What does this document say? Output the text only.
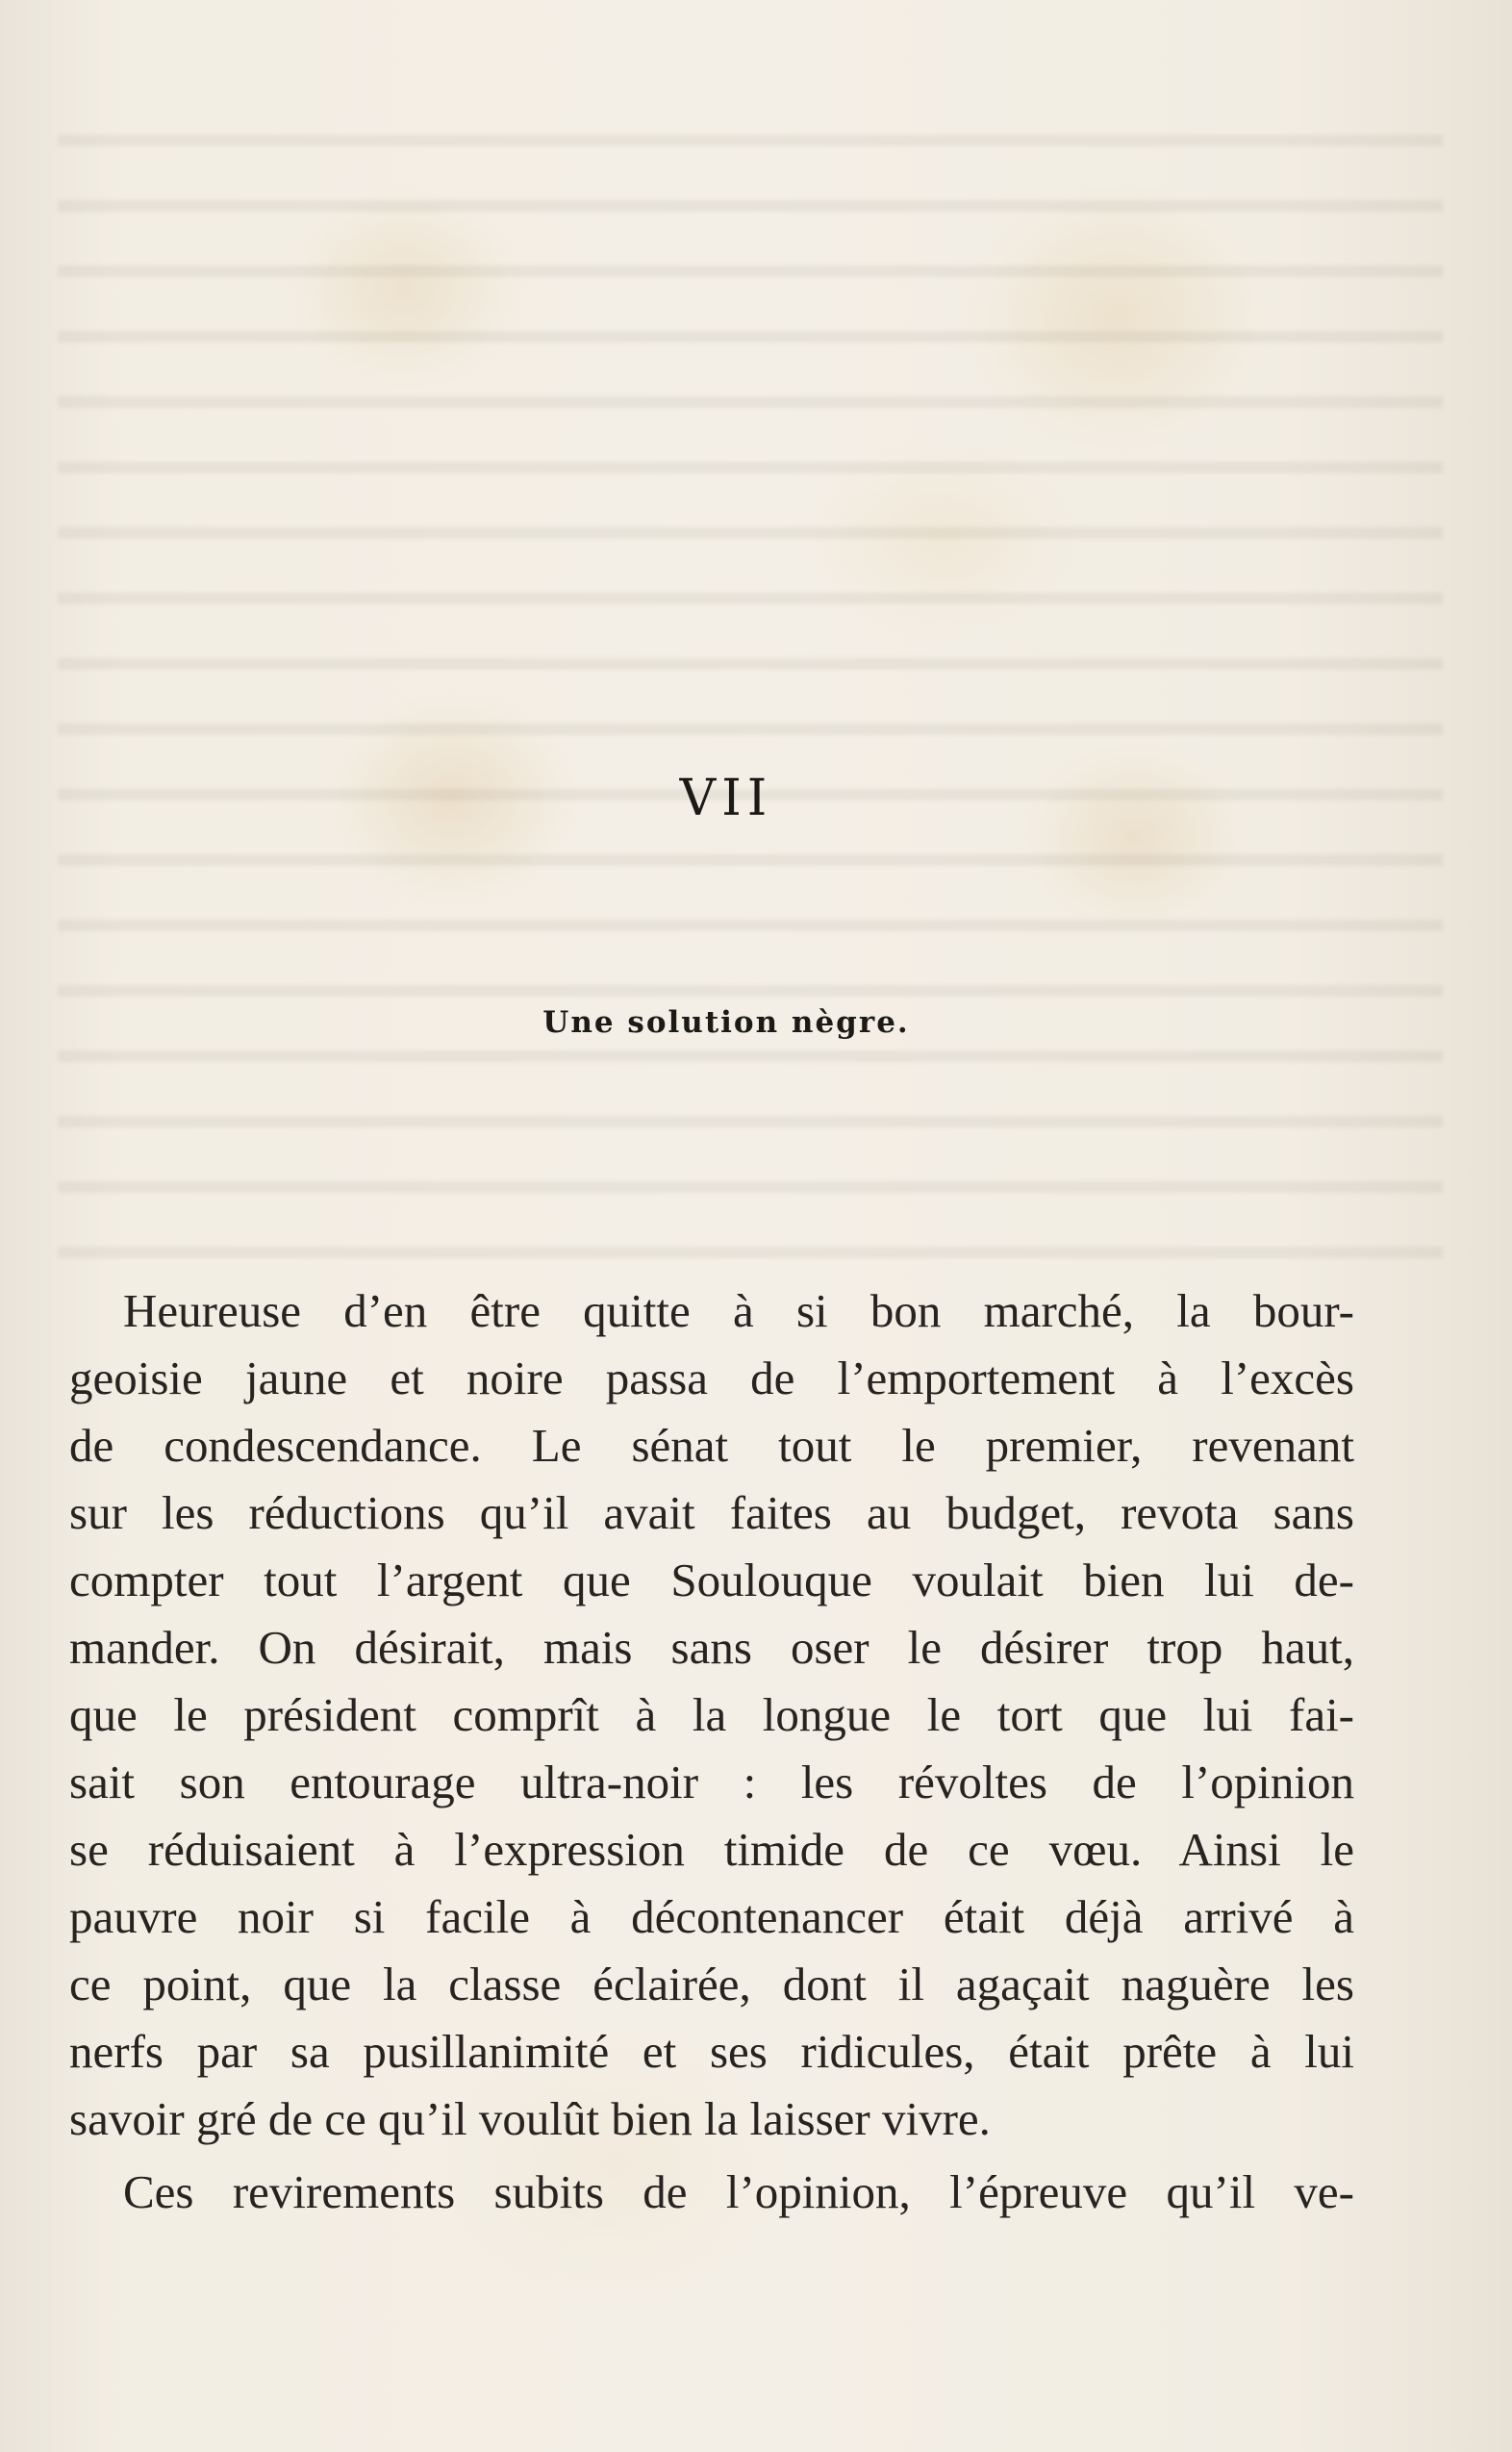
VII
Une solution nègre.
Heureuse d’en être quitte à si bon marché, la bour-
geoisie jaune et noire passa de l’emportement à l’excès
de condescendance. Le sénat tout le premier, revenant
sur les réductions qu’il avait faites au budget, revota sans
compter tout l’argent que Soulouque voulait bien lui de-
mander. On désirait, mais sans oser le désirer trop haut,
que le président comprît à la longue le tort que lui fai-
sait son entourage ultra-noir : les révoltes de l’opinion
se réduisaient à l’expression timide de ce vœu. Ainsi le
pauvre noir si facile à décontenancer était déjà arrivé à
ce point, que la classe éclairée, dont il agaçait naguère les
nerfs par sa pusillanimité et ses ridicules, était prête à lui
savoir gré de ce qu’il voulût bien la laisser vivre.
Ces revirements subits de l’opinion, l’épreuve qu’il ve-
